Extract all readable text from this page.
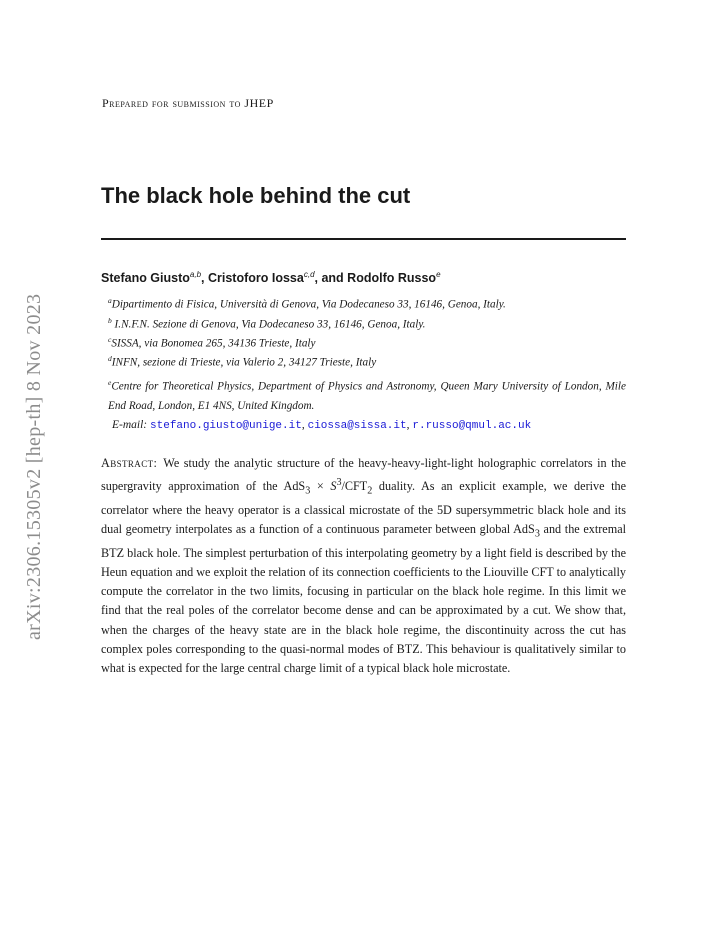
arXiv:2306.15305v2 [hep-th] 8 Nov 2023
Prepared for submission to JHEP
The black hole behind the cut
Stefano Giusto$^{a,b}$, Cristoforo Iossa$^{c,d}$, and Rodolfo Russo$^e$
$^a$Dipartimento di Fisica, Università di Genova, Via Dodecaneso 33, 16146, Genoa, Italy.
$^b$ I.N.F.N. Sezione di Genova, Via Dodecaneso 33, 16146, Genoa, Italy.
$^c$SISSA, via Bonomea 265, 34136 Trieste, Italy
$^d$INFN, sezione di Trieste, via Valerio 2, 34127 Trieste, Italy
$^e$Centre for Theoretical Physics, Department of Physics and Astronomy, Queen Mary University of London, Mile End Road, London, E1 4NS, United Kingdom.
E-mail: stefano.giusto@unige.it, ciossa@sissa.it, r.russo@qmul.ac.uk
Abstract: We study the analytic structure of the heavy-heavy-light-light holographic correlators in the supergravity approximation of the $AdS_3 \times S^3/CFT_2$ duality. As an explicit example, we derive the correlator where the heavy operator is a classical microstate of the 5D supersymmetric black hole and its dual geometry interpolates as a function of a continuous parameter between global AdS$_3$ and the extremal BTZ black hole. The simplest perturbation of this interpolating geometry by a light field is described by the Heun equation and we exploit the relation of its connection coefficients to the Liouville CFT to analytically compute the correlator in the two limits, focusing in particular on the black hole regime. In this limit we find that the real poles of the correlator become dense and can be approximated by a cut. We show that, when the charges of the heavy state are in the black hole regime, the discontinuity across the cut has complex poles corresponding to the quasi-normal modes of BTZ. This behaviour is qualitatively similar to what is expected for the large central charge limit of a typical black hole microstate.
